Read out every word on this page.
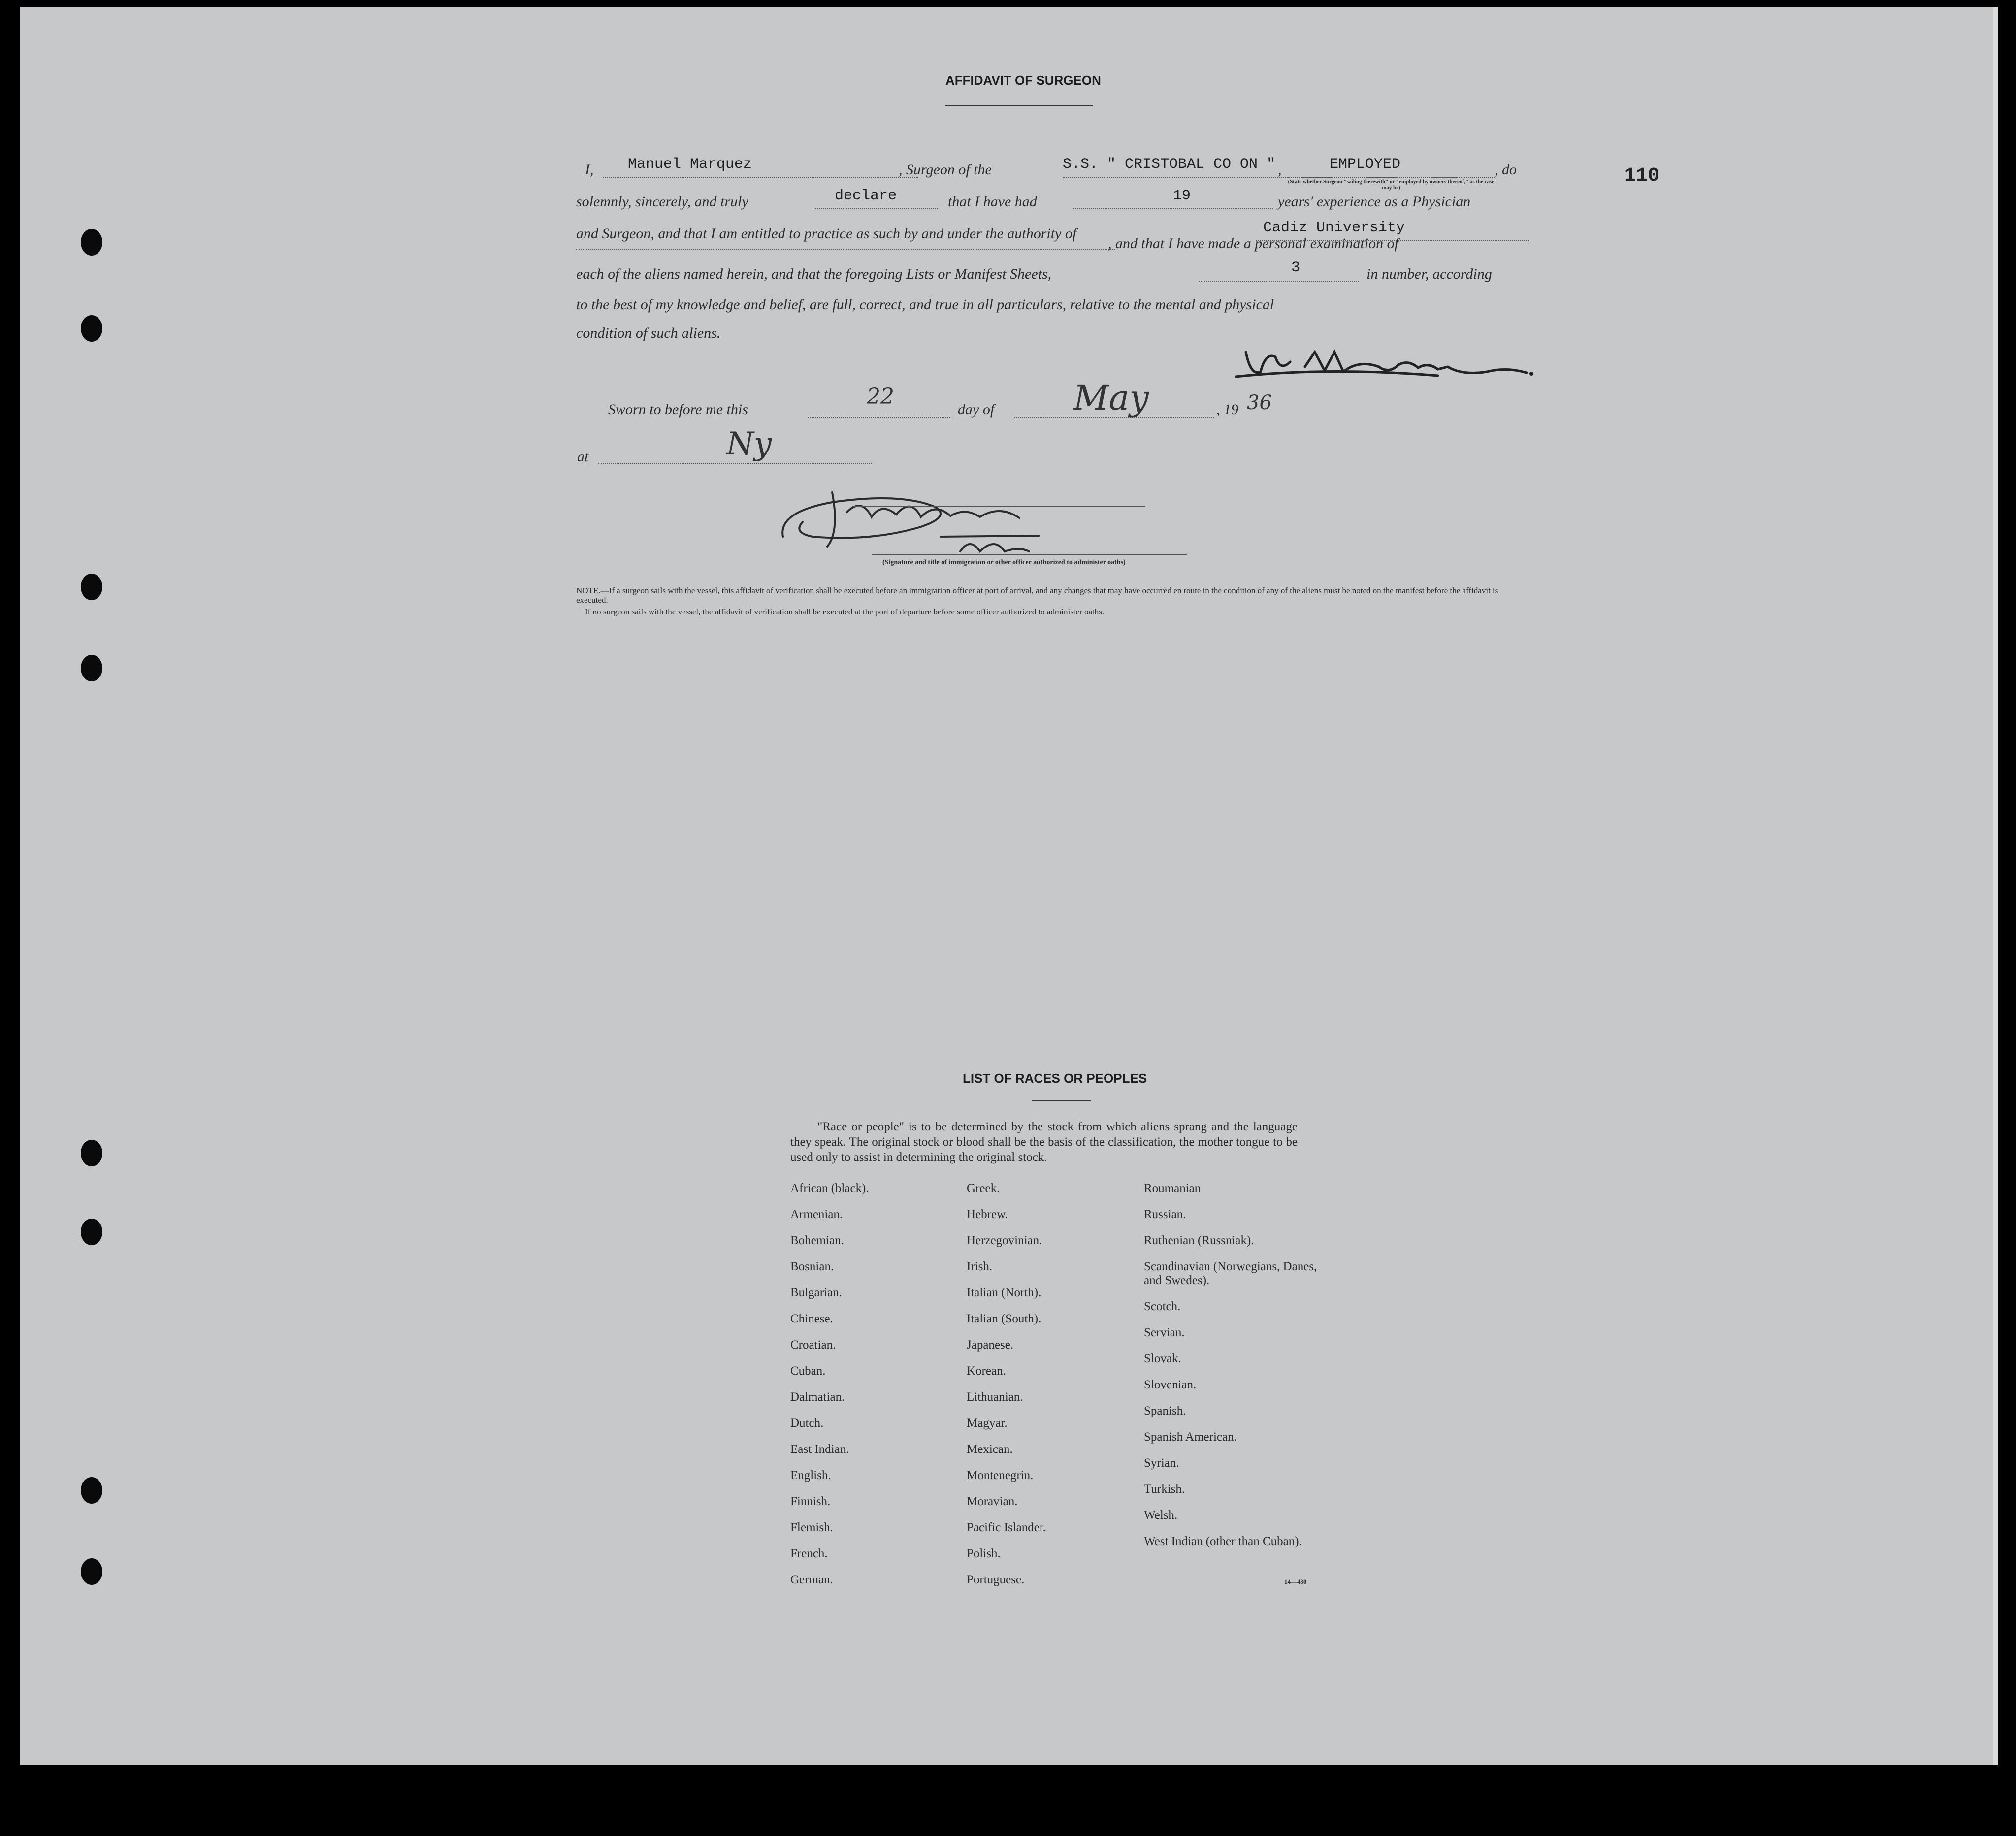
AFFIDAVIT OF SURGEON
110
I, Manuel Marquez	, Surgeon of the	S.S. " CRISTOBAL CO ON " ,	EMPLOYED
(State whether Surgeon "sailing therewith" or "employed by owners thereof," as the case may be)
, do
solemnly, sincerely, and truly	declare	that I have had	19	years' experience as a Physician
and Surgeon, and that I am entitled to practice as such by and under the authority of	Cadiz University
, and that I have made a personal examination of
each of the aliens named herein, and that the foregoing Lists or Manifest Sheets,	3	in number, according
to the best of my knowledge and belief, are full, correct, and true in all particulars, relative to the mental and physical
condition of such aliens.
Sworn to before me this
22
day of May	, 19 36
at	Ny
(Signature and title of immigration or other officer authorized to administer oaths)
NOTE.—If a surgeon sails with the vessel, this affidavit of verification shall be executed before an immigration officer at port of arrival, and any changes that may have occurred en route in the condition of any of the aliens must be noted on the manifest before the affidavit is executed.
If no surgeon sails with the vessel, the affidavit of verification shall be executed at the port of departure before some officer authorized to administer oaths.
LIST OF RACES OR PEOPLES
"Race or people" is to be determined by the stock from which aliens sprang and the language they speak. The original stock or blood shall be the basis of the classification, the mother tongue to be used only to assist in determining the original stock.
African (black).
Armenian.
Bohemian.
Bosnian.
Bulgarian.
Chinese.
Croatian.
Cuban.
Dalmatian.
Dutch.
East Indian.
English.
Finnish.
Flemish.
French.
German.
Greek.
Hebrew.
Herzegovinian.
Irish.
Italian (North).
Italian (South).
Japanese.
Korean.
Lithuanian.
Magyar.
Mexican.
Montenegrin.
Moravian.
Pacific Islander.
Polish.
Portuguese.
Roumanian
Russian.
Ruthenian (Russniak).
Scandinavian (Norwegians, Danes, and Swedes).
Scotch.
Servian.
Slovak.
Slovenian.
Spanish.
Spanish American.
Syrian.
Turkish.
Welsh.
West Indian (other than Cuban).
14—430
